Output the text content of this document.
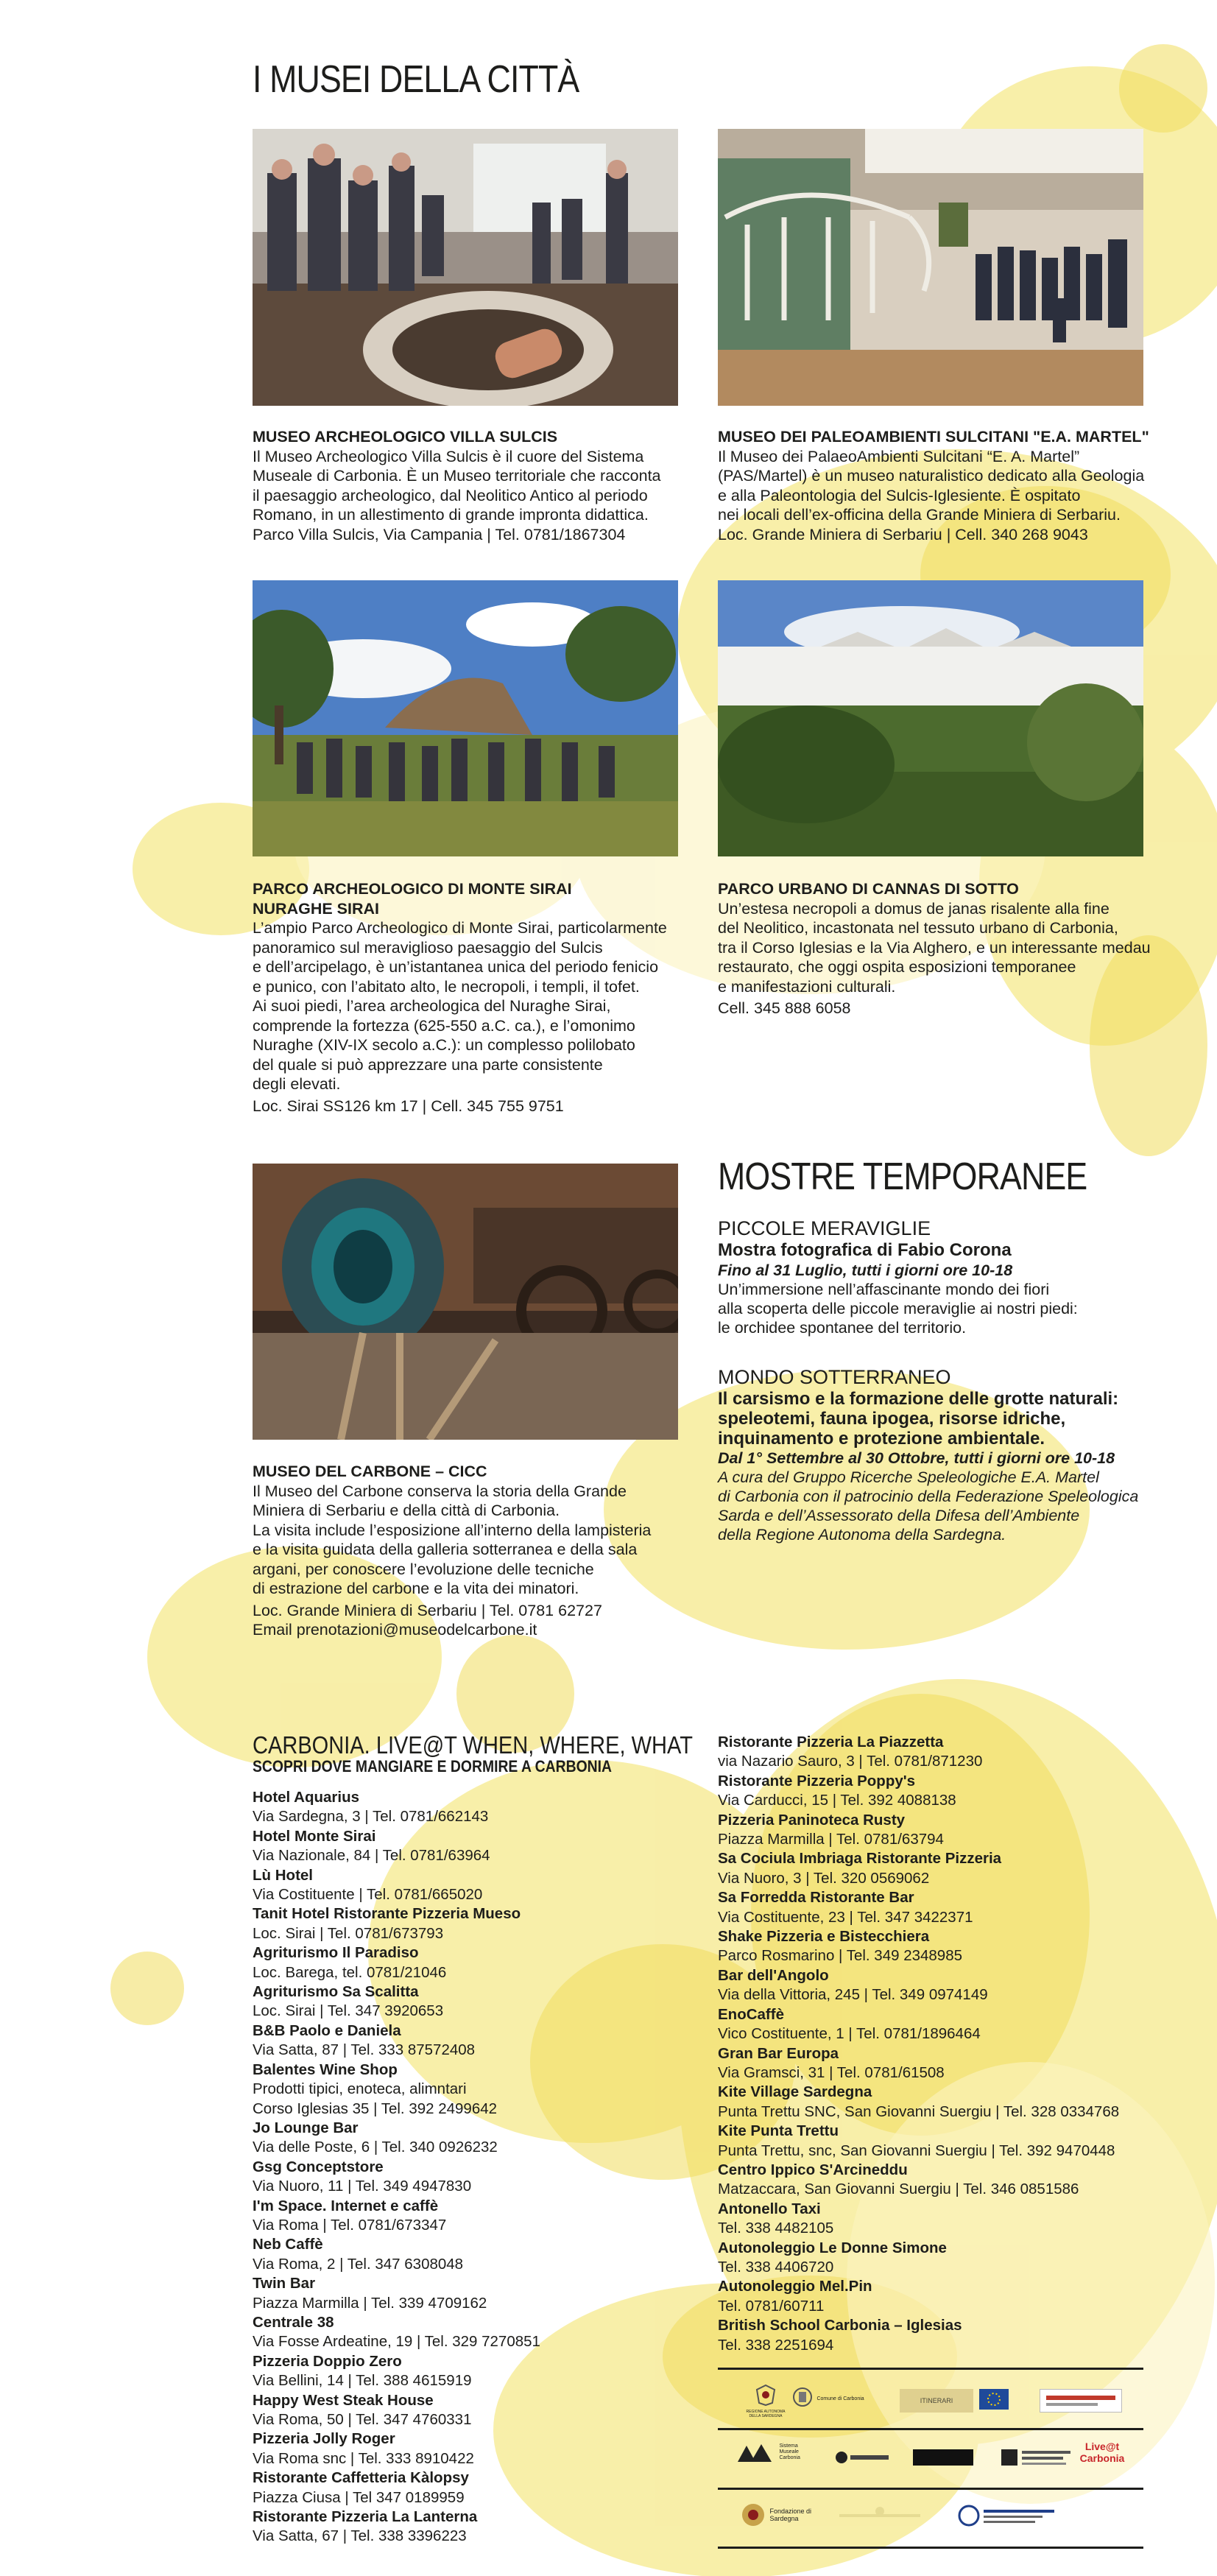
I MUSEI DELLA CITTÀ
MUSEO ARCHEOLOGICO VILLA SULCIS
Il Museo Archeologico Villa Sulcis è il cuore del Sistema
Museale di Carbonia. È un Museo territoriale che racconta
il paesaggio archeologico, dal Neolitico Antico al periodo
Romano, in un allestimento di grande impronta didattica.
Parco Villa Sulcis, Via Campania | Tel. 0781/1867304
MUSEO DEI PALEOAMBIENTI SULCITANI "E.A. MARTEL"
Il Museo dei PalaeoAmbienti Sulcitani “E. A. Martel”
(PAS/Martel) è un museo naturalistico dedicato alla Geologia
e alla Paleontologia del Sulcis-Iglesiente. È ospitato
nei locali dell’ex-officina della Grande Miniera di Serbariu.
Loc. Grande Miniera di Serbariu | Cell. 340 268 9043
PARCO ARCHEOLOGICO DI MONTE SIRAI
NURAGHE SIRAI
L’ampio Parco Archeologico di Monte Sirai, particolarmente
panoramico sul meraviglioso paesaggio del Sulcis
e dell’arcipelago, è un’istantanea unica del periodo fenicio
e punico, con l’abitato alto, le necropoli, i templi, il tofet.
Ai suoi piedi, l’area archeologica del Nuraghe Sirai,
comprende la fortezza (625-550 a.C. ca.), e l’omonimo
Nuraghe (XIV-IX secolo a.C.): un complesso polilobato
del quale si può apprezzare una parte consistente
degli elevati.
Loc. Sirai SS126 km 17 | Cell. 345 755 9751
PARCO URBANO DI CANNAS DI SOTTO
Un’estesa necropoli a domus de janas risalente alla fine
del Neolitico, incastonata nel tessuto urbano di Carbonia,
tra il Corso Iglesias e la Via Alghero, e un interessante medau
restaurato, che oggi ospita esposizioni temporanee
e manifestazioni culturali.
Cell. 345 888 6058
MUSEO DEL CARBONE – CICC
Il Museo del Carbone conserva la storia della Grande
Miniera di Serbariu e della città di Carbonia.
La visita include l’esposizione all’interno della lampisteria
e la visita guidata della galleria sotterranea e della sala
argani, per conoscere l’evoluzione delle tecniche
di estrazione del carbone e la vita dei minatori.
Loc. Grande Miniera di Serbariu | Tel. 0781 62727
Email prenotazioni@museodelcarbone.it
MOSTRE TEMPORANEE
PICCOLE MERAVIGLIE
Mostra fotografica di Fabio Corona
Fino al 31 Luglio, tutti i giorni ore 10-18
Un’immersione nell’affascinante mondo dei fiori
alla scoperta delle piccole meraviglie ai nostri piedi:
le orchidee spontanee del territorio.
MONDO SOTTERRANEO
Il carsismo e la formazione delle grotte naturali:
speleotemi, fauna ipogea, risorse idriche,
inquinamento e protezione ambientale.
Dal 1° Settembre al 30 Ottobre, tutti i giorni ore 10-18
A cura del Gruppo Ricerche Speleologiche E.A. Martel
di Carbonia con il patrocinio della Federazione Speleologica
Sarda e dell’Assessorato della Difesa dell’Ambiente
della Regione Autonoma della Sardegna.
CARBONIA. LIVE@T WHEN, WHERE, WHAT
SCOPRI DOVE MANGIARE E DORMIRE A CARBONIA
Hotel Aquarius
Via Sardegna, 3 | Tel. 0781/662143
Hotel Monte Sirai
Via Nazionale, 84 | Tel. 0781/63964
Lù Hotel
Via Costituente | Tel. 0781/665020
Tanit Hotel Ristorante Pizzeria Mueso
Loc. Sirai | Tel. 0781/673793
Agriturismo Il Paradiso
Loc. Barega, tel. 0781/21046
Agriturismo Sa Scalitta
Loc. Sirai | Tel. 347 3920653
B&B Paolo e Daniela
Via Satta, 87 | Tel. 333 87572408
Balentes Wine Shop
Prodotti tipici, enoteca, alimntari
Corso Iglesias 35 | Tel. 392 2499642
Jo Lounge Bar
Via delle Poste, 6 | Tel. 340 0926232
Gsg Conceptstore
Via Nuoro, 11 | Tel. 349 4947830
I'm Space. Internet e caffè
Via Roma | Tel. 0781/673347
Neb Caffè
Via Roma, 2 | Tel. 347 6308048
Twin Bar
Piazza Marmilla | Tel. 339 4709162
Centrale 38
Via Fosse Ardeatine, 19 | Tel. 329 7270851
Pizzeria Doppio Zero
Via Bellini, 14 | Tel. 388 4615919
Happy West Steak House
Via Roma, 50 | Tel. 347 4760331
Pizzeria Jolly Roger
Via Roma snc | Tel. 333 8910422
Ristorante Caffetteria Kàlopsy
Piazza Ciusa | Tel 347 0189959
Ristorante Pizzeria La Lanterna
Via Satta, 67 | Tel. 338 3396223
Ristorante Pizzeria La Piazzetta
via Nazario Sauro, 3 | Tel. 0781/871230
Ristorante Pizzeria Poppy's
Via Carducci, 15 | Tel. 392 4088138
Pizzeria Paninoteca Rusty
Piazza Marmilla | Tel. 0781/63794
Sa Cociula Imbriaga Ristorante Pizzeria
Via Nuoro, 3 | Tel. 320 0569062
Sa Forredda Ristorante Bar
Via Costituente, 23 | Tel. 347 3422371
Shake Pizzeria e Bistecchiera
Parco Rosmarino | Tel. 349 2348985
Bar dell'Angolo
Via della Vittoria, 245 | Tel. 349 0974149
EnoCaffè
Vico Costituente, 1 | Tel. 0781/1896464
Gran Bar Europa
Via Gramsci, 31 | Tel. 0781/61508
Kite Village Sardegna
Punta Trettu SNC, San Giovanni Suergiu | Tel. 328 0334768
Kite Punta Trettu
Punta Trettu, snc, San Giovanni Suergiu | Tel. 392 9470448
Centro Ippico S'Arcineddu
Matzaccara, San Giovanni Suergiu | Tel. 346 0851586
Antonello Taxi
Tel. 338 4482105
Autonoleggio Le Donne Simone
Tel. 338 4406720
Autonoleggio Mel.Pin
Tel. 0781/60711
British School Carbonia – Iglesias
Tel. 338 2251694
REGIONE AUTONOMA DELLA SARDEGNA
Comune di Carbonia	ITINERARI
Sistema Museale Carbonia
Live@t Carbonia
Fondazione di Sardegna
